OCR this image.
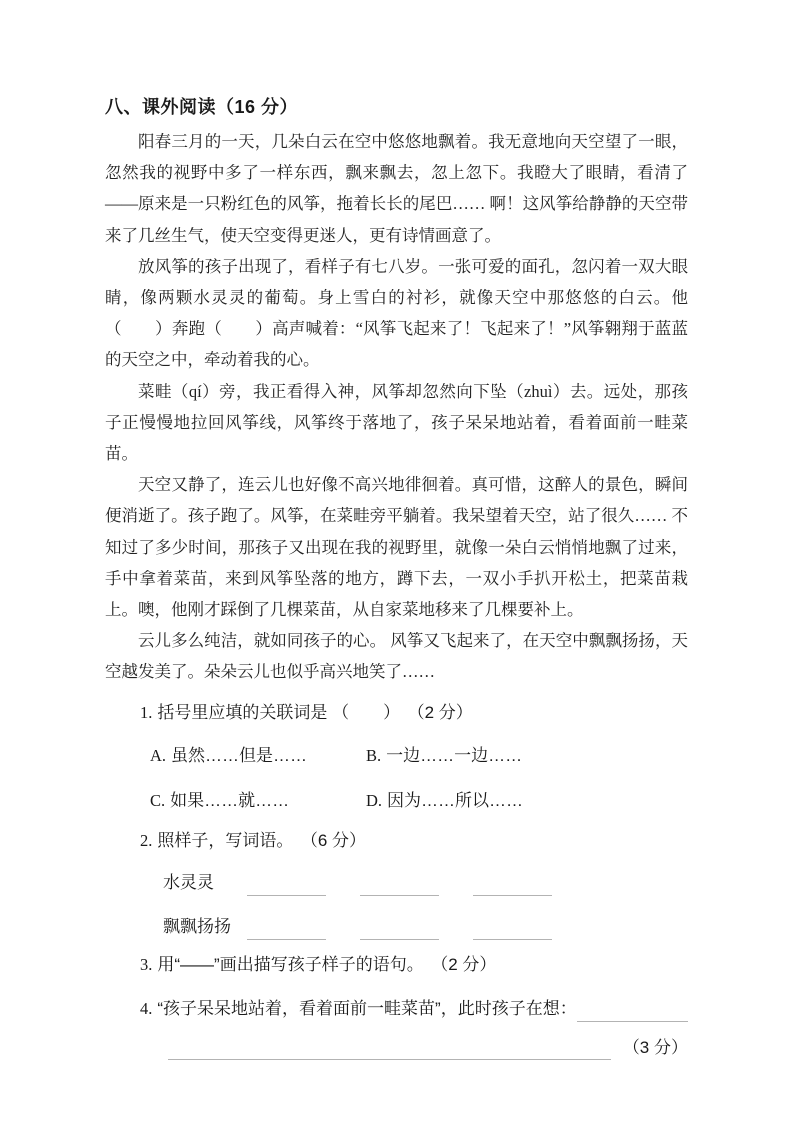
八、课外阅读（16 分）

阳春三月的一天，几朵白云在空中悠悠地飘着。我无意地向天空望了一眼，忽然我的视野中多了一样东西，飘来飘去，忽上忽下。我瞪大了眼睛，看清了——原来是一只粉红色的风筝，拖着长长的尾巴…… 啊！这风筝给静静的天空带来了几丝生气，使天空变得更迷人，更有诗情画意了。

放风筝的孩子出现了，看样子有七八岁。一张可爱的面孔，忽闪着一双大眼睛，像两颗水灵灵的葡萄。身上雪白的衬衫，就像天空中那悠悠的白云。他（　　）奔跑（　　）高声喊着：“风筝飞起来了！飞起来了！”风筝翱翔于蓝蓝的天空之中，牵动着我的心。

菜畦（qí）旁，我正看得入神，风筝却忽然向下坠（zhuì）去。远处，那孩子正慢慢地拉回风筝线，风筝终于落地了，孩子呆呆地站着，看着面前一畦菜苗。

天空又静了，连云儿也好像不高兴地徘徊着。真可惜，这醉人的景色，瞬间便消逝了。孩子跑了。风筝，在菜畦旁平躺着。我呆望着天空，站了很久…… 不知过了多少时间，那孩子又出现在我的视野里，就像一朵白云悄悄地飘了过来，手中拿着菜苗，来到风筝坠落的地方，蹲下去，一双小手扒开松土，把菜苗栽上。噢，他刚才踩倒了几棵菜苗，从自家菜地移来了几棵要补上。

云儿多么纯洁，就如同孩子的心。 风筝又飞起来了，在天空中飘飘扬扬，天空越发美了。朵朵云儿也似乎高兴地笑了……

1. 括号里应填的关联词是 （　　） （2 分）
A. 虽然……但是……	B. 一边……一边……
C. 如果……就……	D. 因为……所以……
2. 照样子，写词语。 （6 分）
水灵灵
飘飘扬扬
3. 用“——”画出描写孩子样子的语句。 （2 分）
4. “孩子呆呆地站着，看着面前一畦菜苗”，此时孩子在想：
（3 分）
